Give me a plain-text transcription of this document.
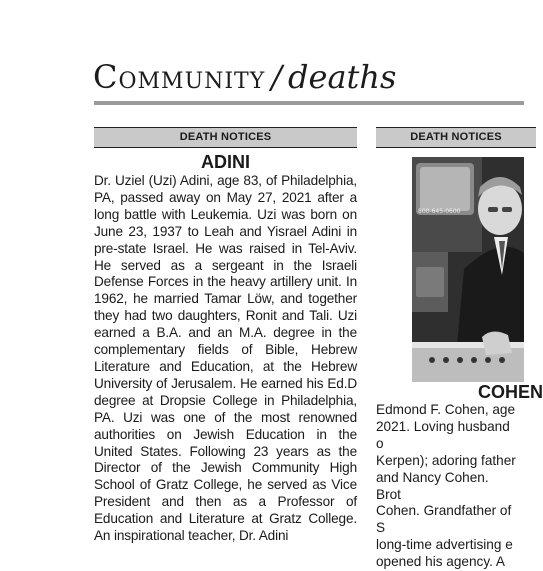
Community / deaths
DEATH NOTICES	DEATH NOTICES
ADINI

Dr. Uziel (Uzi) Adini, age 83, of Philadelphia, PA, passed away on May 27, 2021 after a long battle with Leukemia. Uzi was born on June 23, 1937 to Leah and Yisrael Adini in pre-state Israel. He was raised in Tel-Aviv. He served as a sergeant in the Israeli Defense Forces in the heavy artillery unit. In 1962, he married Tamar Löw, and together they had two daughters, Ronit and Tali. Uzi earned a B.A. and an M.A. degree in the complementary fields of Bible, Hebrew Literature and Education, at the Hebrew University of Jerusalem. He earned his Ed.D degree at Dropsie College in Philadelphia, PA. Uzi was one of the most renowned authorities on Jewish Education in the United States. Following 23 years as the Director of the Jewish Community High School of Gratz College, he served as Vice President and then as a Professor of Education and Literature at Gratz College. An inspirational teacher, Dr. Adini

800-645-0600
COHEN

Edmond F. Cohen, age
2021. Loving husband o
Kerpen); adoring father
and Nancy Cohen. Brot
Cohen. Grandfather of S
long-time advertising e
opened his agency. A
